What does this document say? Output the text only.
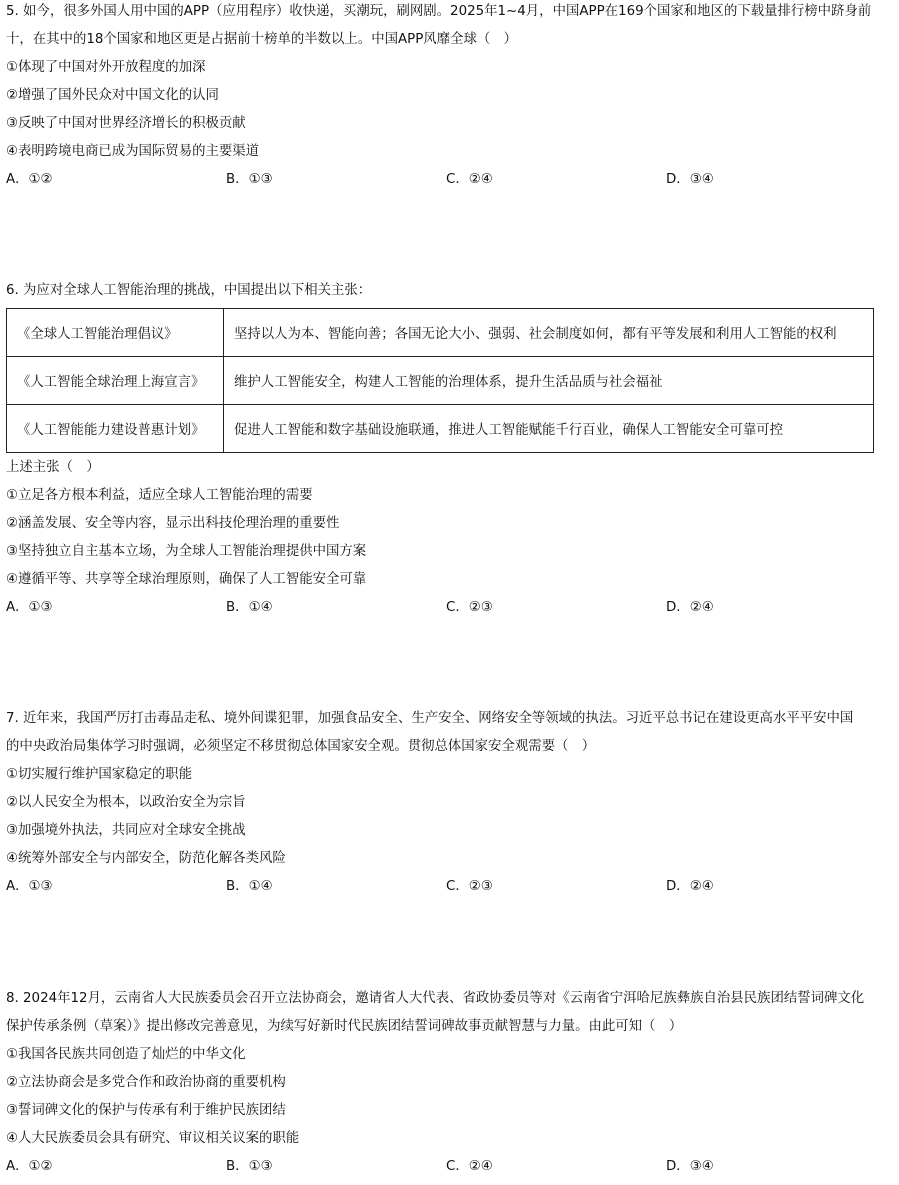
5. 如今，很多外国人用中国的APP（应用程序）收快递，买潮玩，刷网剧。2025年1~4月，中国APP在169个国家和地区的下载量排行榜中跻身前
十，在其中的18个国家和地区更是占据前十榜单的半数以上。中国APP风靡全球（　）
①体现了中国对外开放程度的加深
②增强了国外民众对中国文化的认同
③反映了中国对世界经济增长的积极贡献
④表明跨境电商已成为国际贸易的主要渠道
A．①②	B．①③	C．②④	D．③④
6. 为应对全球人工智能治理的挑战，中国提出以下相关主张：
《全球人工智能治理倡议》	坚持以人为本、智能向善；各国无论大小、强弱、社会制度如何，都有平等发展和利用人工智能的权利
《人工智能全球治理上海宣言》	维护人工智能安全，构建人工智能的治理体系，提升生活品质与社会福祉
《人工智能能力建设普惠计划》	促进人工智能和数字基础设施联通，推进人工智能赋能千行百业，确保人工智能安全可靠可控
上述主张（　）
①立足各方根本利益，适应全球人工智能治理的需要
②涵盖发展、安全等内容，显示出科技伦理治理的重要性
③坚持独立自主基本立场，为全球人工智能治理提供中国方案
④遵循平等、共享等全球治理原则，确保了人工智能安全可靠
A．①③	B．①④	C．②③	D．②④
7. 近年来，我国严厉打击毒品走私、境外间谍犯罪，加强食品安全、生产安全、网络安全等领域的执法。习近平总书记在建设更高水平平安中国
的中央政治局集体学习时强调，必须坚定不移贯彻总体国家安全观。贯彻总体国家安全观需要（　）
①切实履行维护国家稳定的职能
②以人民安全为根本，以政治安全为宗旨
③加强境外执法，共同应对全球安全挑战
④统筹外部安全与内部安全，防范化解各类风险
A．①③	B．①④	C．②③	D．②④
8. 2024年12月，云南省人大民族委员会召开立法协商会，邀请省人大代表、省政协委员等对《云南省宁洱哈尼族彝族自治县民族团结誓词碑文化
保护传承条例（草案）》提出修改完善意见，为续写好新时代民族团结誓词碑故事贡献智慧与力量。由此可知（　）
①我国各民族共同创造了灿烂的中华文化
②立法协商会是多党合作和政治协商的重要机构
③誓词碑文化的保护与传承有利于维护民族团结
④人大民族委员会具有研究、审议相关议案的职能
A．①②	B．①③	C．②④	D．③④
